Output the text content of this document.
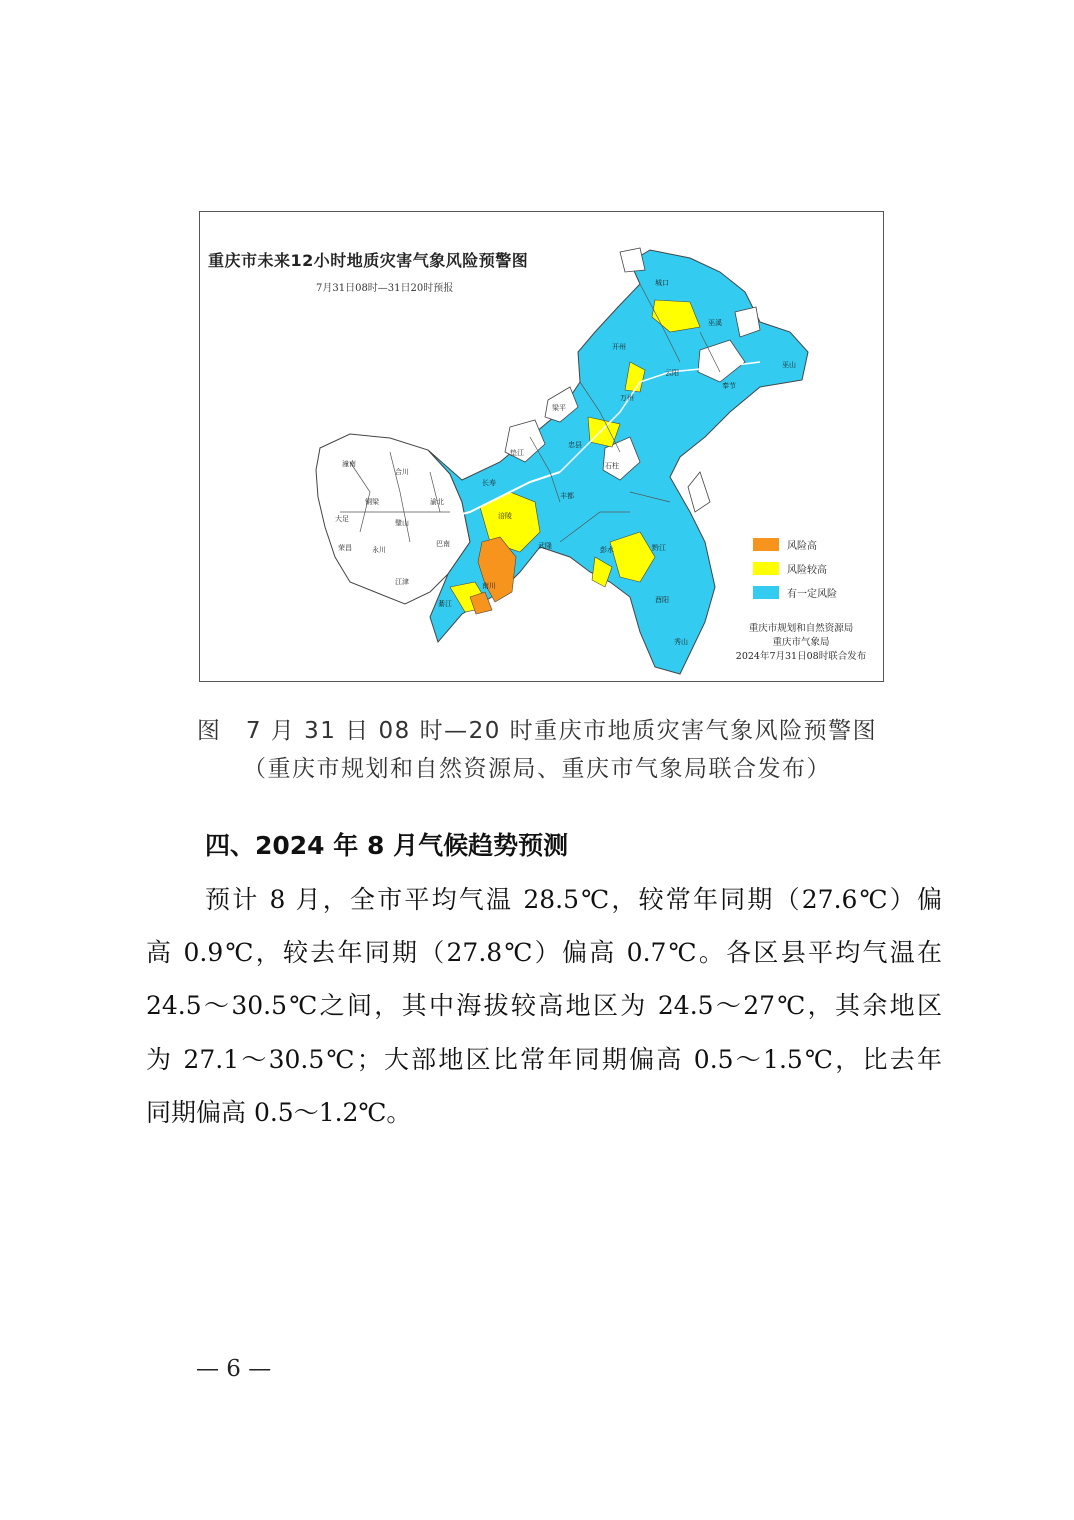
城口
巫溪
巫山
开州
云阳
奉节
万州
梁平
忠县
垫江
石柱
长寿
涪陵
丰都
武隆	彭水	黔江
酉阳
秀山
南川
綦江
巴南
渝北
合川
潼南
铜梁
大足
荣昌	永川
璧山
江津
重庆市未来12小时地质灾害气象风险预警图
7月31日08时—31日20时预报
风险高
风险较高
有一定风险
重庆市规划和自然资源局
重庆市气象局
2024年7月31日08时联合发布
图　7 月 31 日 08 时—20 时重庆市地质灾害气象风险预警图
（重庆市规划和自然资源局、重庆市气象局联合发布）
四、2024 年 8 月气候趋势预测
预计 8 月，全市平均气温 28.5℃，较常年同期（27.6℃）偏
高 0.9℃，较去年同期（27.8℃）偏高 0.7℃。各区县平均气温在
24.5～30.5℃之间，其中海拔较高地区为 24.5～27℃，其余地区
为 27.1～30.5℃；大部地区比常年同期偏高 0.5～1.5℃，比去年
同期偏高 0.5～1.2℃。
— 6 —
